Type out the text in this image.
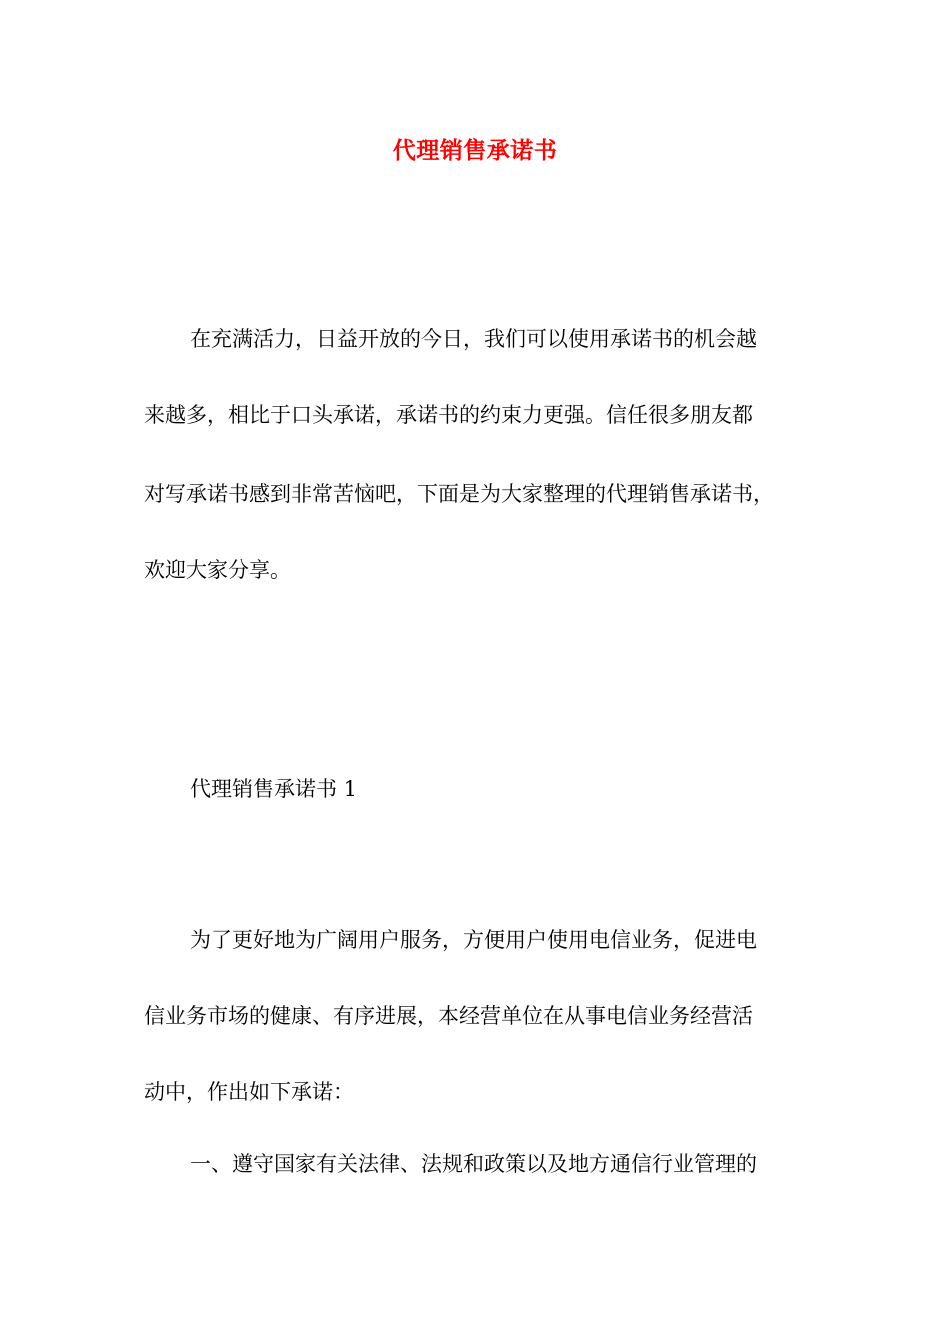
代理销售承诺书
在充满活力，日益开放的今日，我们可以使用承诺书的机会越
来越多，相比于口头承诺，承诺书的约束力更强。信任很多朋友都
对写承诺书感到非常苦恼吧，下面是为大家整理的代理销售承诺书，
欢迎大家分享。
代理销售承诺书 1
为了更好地为广阔用户服务，方便用户使用电信业务，促进电
信业务市场的健康、有序进展，本经营单位在从事电信业务经营活
动中，作出如下承诺：
一、遵守国家有关法律、法规和政策以及地方通信行业管理的
